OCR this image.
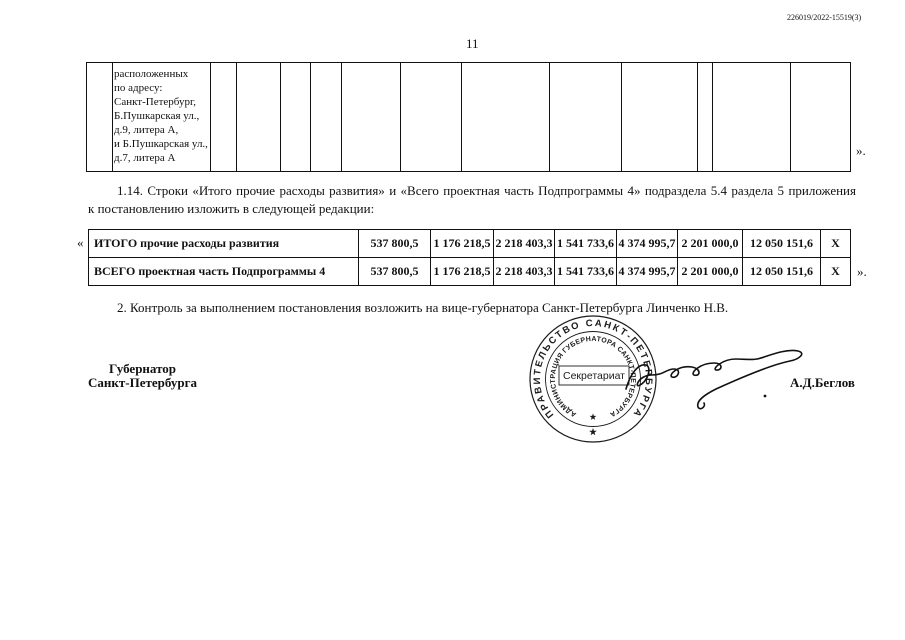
226019/2022-15519(3)
11

расположенных
по адресу:
Санкт-Петербург,
Б.Пушкарская ул.,
д.9, литера А,
и Б.Пушкарская ул.,
д.7, литера А
													».
1.14. Строки «Итого прочие расходы развития» и «Всего проектная часть Подпрограммы 4» подраздела 5.4 раздела 5 приложения
к постановлению изложить в следующей редакции:
« ИТОГО прочие расходы развития	537 800,5	1 176 218,5	2 218 403,3	1 541 733,6	4 374 995,7	2 201 000,0	12 050 151,6	Х
ВСЕГО проектная часть Подпрограммы 4	537 800,5	1 176 218,5	2 218 403,3	1 541 733,6	4 374 995,7	2 201 000,0	12 050 151,6	Х ».
2. Контроль за выполнением постановления возложить на вице-губернатора Санкт-Петербурга Линченко Н.В.
Губернатор
Санкт-Петербурга	А.Д.Беглов
ПРАВИТЕЛЬСТВО САНКТ-ПЕТЕРБУРГА
АДМИНИСТРАЦИЯ ГУБЕРНАТОРА САНКТ-ПЕТЕРБУРГА
Секретариат
